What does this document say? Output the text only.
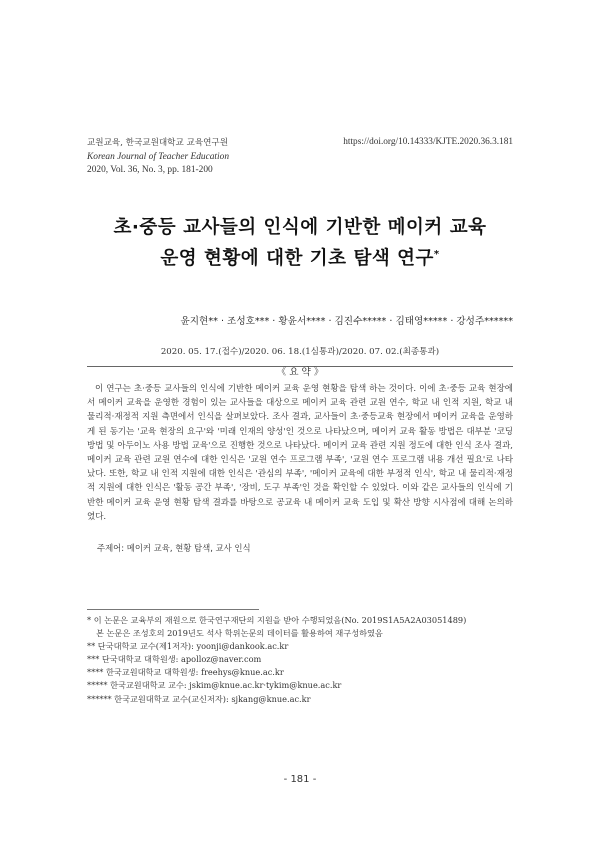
교원교육, 한국교원대학교 교육연구원
Korean Journal of Teacher Education
2020, Vol. 36, No. 3, pp. 181-200
https://doi.org/10.14333/KJTE.2020.36.3.181
초·중등 교사들의 인식에 기반한 메이커 교육
운영 현황에 대한 기초 탐색 연구*
윤지현** · 조성호*** · 황윤서**** · 김진수***** · 김태영***** · 강성주******
2020. 05. 17.(접수)/2020. 06. 18.(1심통과)/2020. 07. 02.(최종통과)
《 요 약 》
이 연구는 초·중등 교사들의 인식에 기반한 메이커 교육 운영 현황을 탐색 하는 것이다. 이에 초·중등 교육 현장에서 메이커 교육을 운영한 경험이 있는 교사들을 대상으로 메이커 교육 관련 교원 연수, 학교 내 인적 지원, 학교 내 물리적·재정적 지원 측면에서 인식을 살펴보았다. 조사 결과, 교사들이 초·중등교육 현장에서 메이커 교육을 운영하게 된 동기는 '교육 현장의 요구'와 '미래 인재의 양성'인 것으로 나타났으며, 메이커 교육 활동 방법은 대부분 '코딩 방법 및 아두이노 사용 방법 교육'으로 진행한 것으로 나타났다. 메이커 교육 관련 지원 정도에 대한 인식 조사 결과, 메이커 교육 관련 교원 연수에 대한 인식은 '교원 연수 프로그램 부족', '교원 연수 프로그램 내용 개선 필요'로 나타났다. 또한, 학교 내 인적 지원에 대한 인식은 '관심의 부족', '메이커 교육에 대한 부정적 인식', 학교 내 물리적·재정적 지원에 대한 인식은 '활동 공간 부족', '장비, 도구 부족'인 것을 확인할 수 있었다. 이와 같은 교사들의 인식에 기반한 메이커 교육 운영 현황 탐색 결과를 바탕으로 공교육 내 메이커 교육 도입 및 확산 방향 시사점에 대해 논의하였다.
주제어: 메이커 교육, 현황 탐색, 교사 인식
* 이 논문은 교육부의 재원으로 한국연구재단의 지원을 받아 수행되었음(No. 2019S1A5A2A03051489)
본 논문은 조성호의 2019년도 석사 학위논문의 데이터를 활용하여 재구성하였음
** 단국대학교 교수(제1저자): yoonji@dankook.ac.kr
*** 단국대학교 대학원생: apolloz@naver.com
**** 한국교원대학교 대학원생: freehys@knue.ac.kr
***** 한국교원대학교 교수: jskim@knue.ac.kr·tykim@knue.ac.kr
****** 한국교원대학교 교수(교신저자): sjkang@knue.ac.kr
- 181 -
